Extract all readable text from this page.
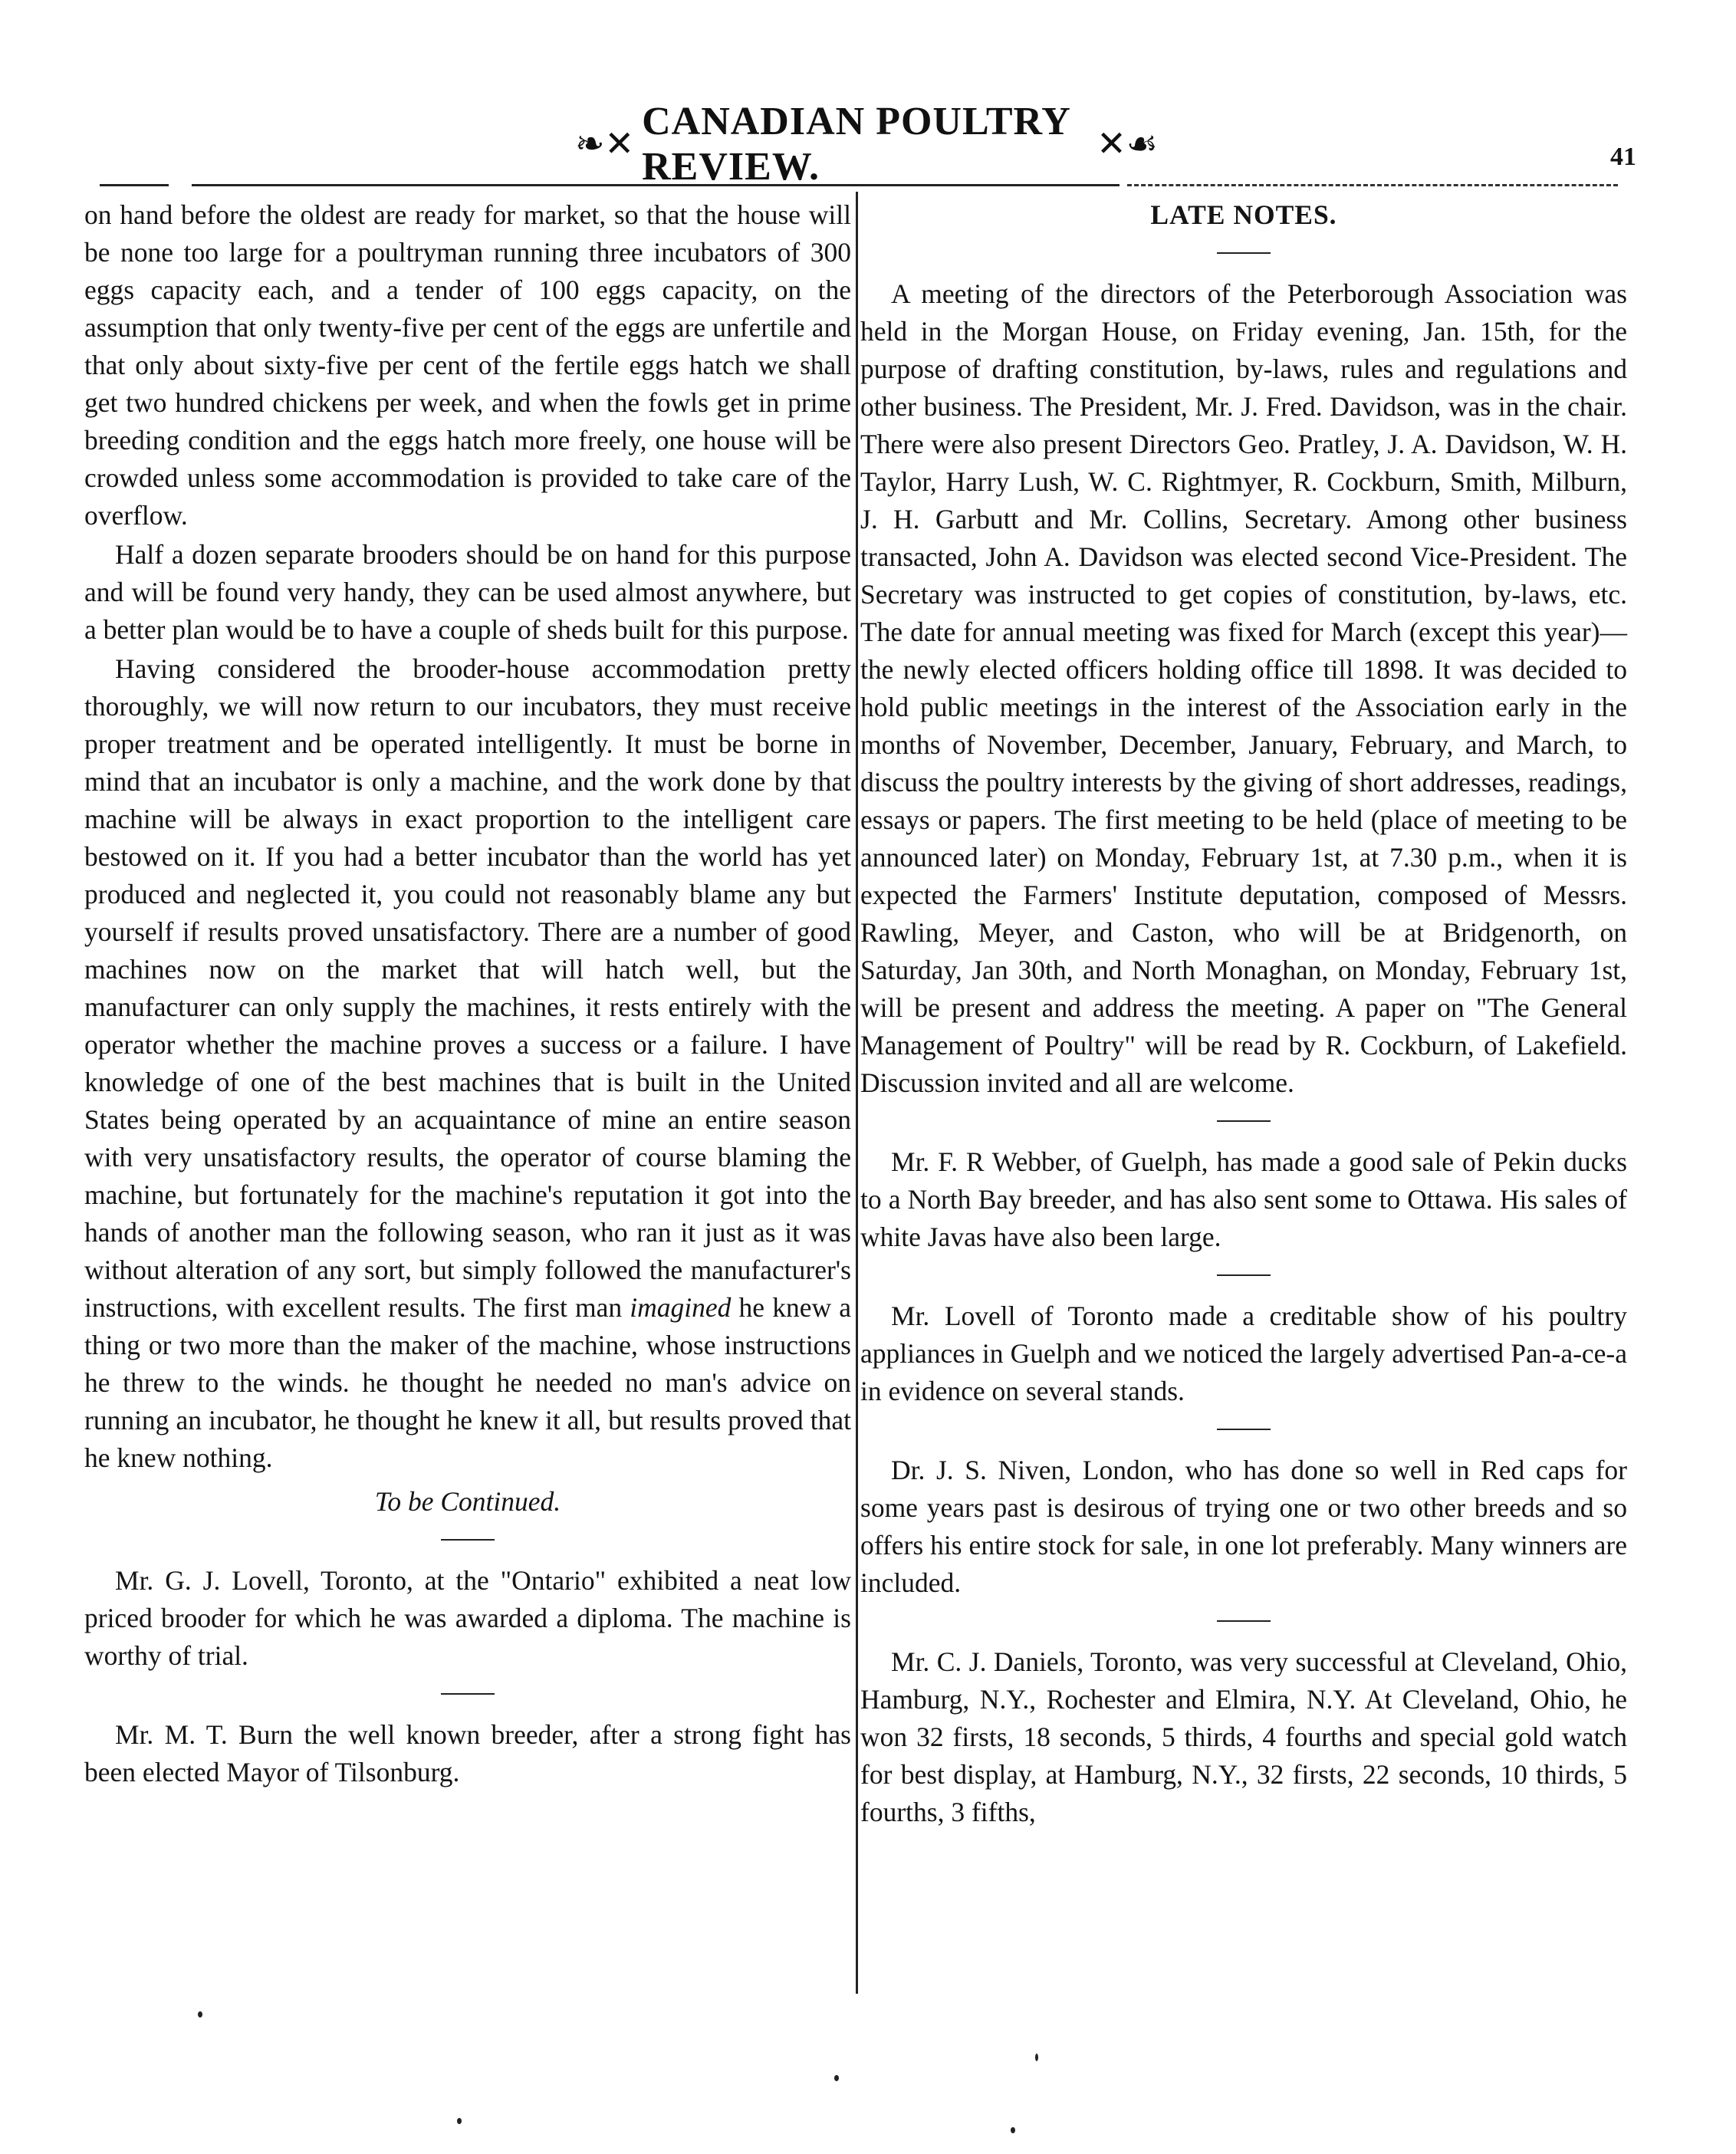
❧✕
CANADIAN POULTRY REVIEW.
✕☙	41

on hand before the oldest are ready for market, so that the house will be none too large for a poultryman running three incubators of 300 eggs capacity each, and a tender of 100 eggs capacity, on the assumption that only twenty-five per cent of the eggs are unfertile and that only about sixty-five per cent of the fertile eggs hatch we shall get two hundred chickens per week, and when the fowls get in prime breeding condition and the eggs hatch more freely, one house will be crowded unless some accommodation is provided to take care of the overflow.

Half a dozen separate brooders should be on hand for this purpose and will be found very handy, they can be used almost anywhere, but a better plan would be to have a couple of sheds built for this purpose.

Having considered the brooder-house accommodation pretty thoroughly, we will now return to our incubators, they must receive proper treatment and be operated intelligently. It must be borne in mind that an incubator is only a machine, and the work done by that machine will be always in exact proportion to the intelligent care bestowed on it. If you had a better incubator than the world has yet produced and neglected it, you could not reasonably blame any but yourself if results proved unsatisfactory. There are a number of good machines now on the market that will hatch well, but the manufacturer can only supply the machines, it rests entirely with the operator whether the machine proves a success or a failure. I have knowledge of one of the best machines that is built in the United States being operated by an acquaintance of mine an entire season with very unsatisfactory results, the operator of course blaming the machine, but fortunately for the machine's reputation it got into the hands of another man the following season, who ran it just as it was without alteration of any sort, but simply followed the manufacturer's instructions, with excellent results. The first man imagined he knew a thing or two more than the maker of the machine, whose instructions he threw to the winds. he thought he needed no man's advice on running an incubator, he thought he knew it all, but results proved that he knew nothing.

To be Continued.

Mr. G. J. Lovell, Toronto, at the "Ontario" exhibited a neat low priced brooder for which he was awarded a diploma. The machine is worthy of trial.

Mr. M. T. Burn the well known breeder, after a strong fight has been elected Mayor of Tilsonburg.

LATE NOTES.

A meeting of the directors of the Peterborough Association was held in the Morgan House, on Friday evening, Jan. 15th, for the purpose of drafting constitution, by-laws, rules and regulations and other business. The President, Mr. J. Fred. Davidson, was in the chair. There were also present Directors Geo. Pratley, J. A. Davidson, W. H. Taylor, Harry Lush, W. C. Rightmyer, R. Cockburn, Smith, Milburn, J. H. Garbutt and Mr. Collins, Secretary. Among other business transacted, John A. Davidson was elected second Vice-President. The Secretary was instructed to get copies of constitution, by-laws, etc. The date for annual meeting was fixed for March (except this year)—the newly elected officers holding office till 1898. It was decided to hold public meetings in the interest of the Association early in the months of November, December, January, February, and March, to discuss the poultry interests by the giving of short addresses, readings, essays or papers. The first meeting to be held (place of meeting to be announced later) on Monday, February 1st, at 7.30 p.m., when it is expected the Farmers' Institute deputation, composed of Messrs. Rawling, Meyer, and Caston, who will be at Bridgenorth, on Saturday, Jan 30th, and North Monaghan, on Monday, February 1st, will be present and address the meeting. A paper on "The General Management of Poultry" will be read by R. Cockburn, of Lakefield. Discussion invited and all are welcome.

Mr. F. R Webber, of Guelph, has made a good sale of Pekin ducks to a North Bay breeder, and has also sent some to Ottawa. His sales of white Javas have also been large.

Mr. Lovell of Toronto made a creditable show of his poultry appliances in Guelph and we noticed the largely advertised Pan-a-ce-a in evidence on several stands.

Dr. J. S. Niven, London, who has done so well in Red caps for some years past is desirous of trying one or two other breeds and so offers his entire stock for sale, in one lot preferably. Many winners are included.

Mr. C. J. Daniels, Toronto, was very successful at Cleveland, Ohio, Hamburg, N.Y., Rochester and Elmira, N.Y. At Cleveland, Ohio, he won 32 firsts, 18 seconds, 5 thirds, 4 fourths and special gold watch for best display, at Hamburg, N.Y., 32 firsts, 22 seconds, 10 thirds, 5 fourths, 3 fifths,
